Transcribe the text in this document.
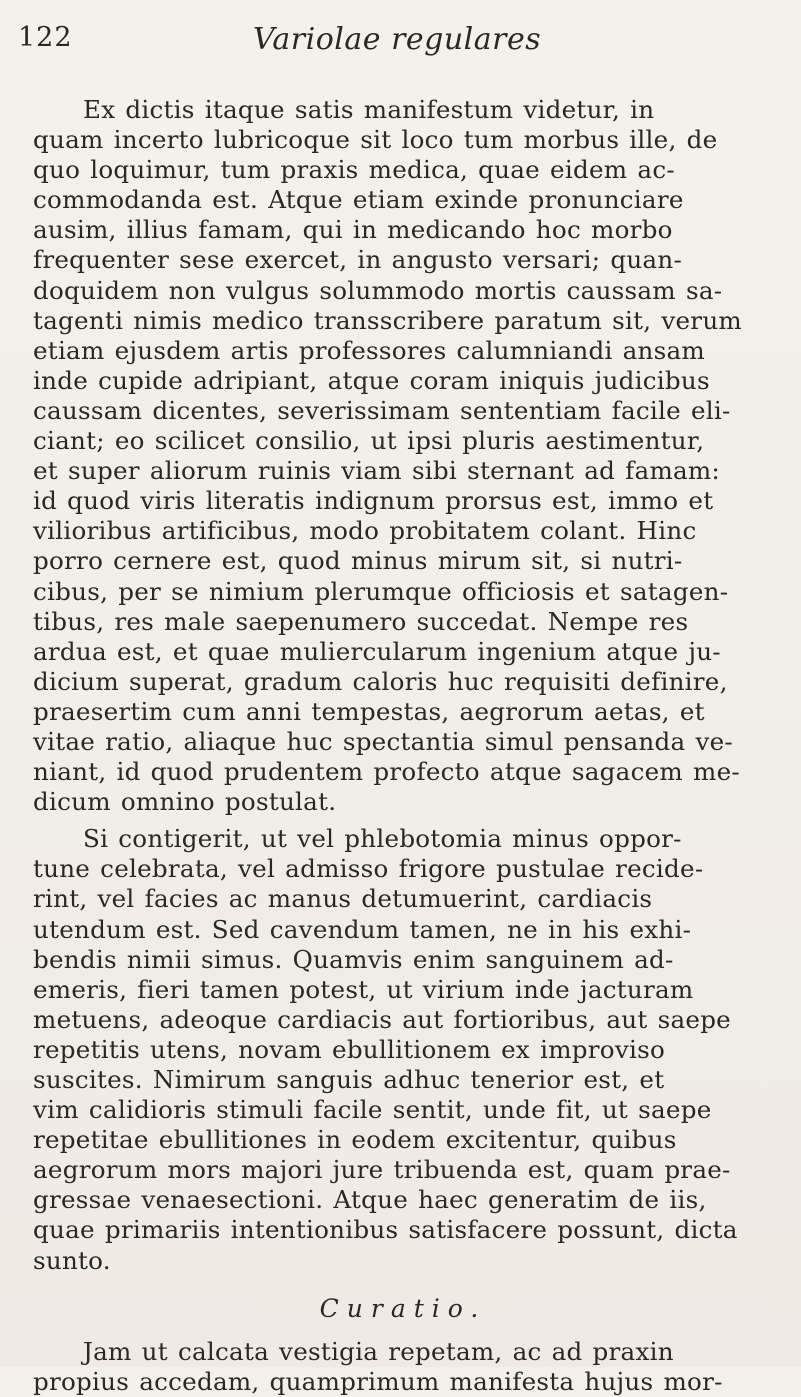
122	Variolae regulares
Ex dictis itaque satis manifestum videtur, in
quam incerto lubricoque sit loco tum morbus ille, de
quo loquimur, tum praxis medica, quae eidem ac-
commodanda est. Atque etiam exinde pronunciare
ausim, illius famam, qui in medicando hoc morbo
frequenter sese exercet, in angusto versari; quan-
doquidem non vulgus solummodo mortis caussam sa-
tagenti nimis medico transscribere paratum sit, verum
etiam ejusdem artis professores calumniandi ansam
inde cupide adripiant, atque coram iniquis judicibus
caussam dicentes, severissimam sententiam facile eli-
ciant; eo scilicet consilio, ut ipsi pluris aestimentur,
et super aliorum ruinis viam sibi sternant ad famam:
id quod viris literatis indignum prorsus est, immo et
vilioribus artificibus, modo probitatem colant. Hinc
porro cernere est, quod minus mirum sit, si nutri-
cibus, per se nimium plerumque officiosis et satagen-
tibus, res male saepenumero succedat. Nempe res
ardua est, et quae muliercularum ingenium atque ju-
dicium superat, gradum caloris huc requisiti definire,
praesertim cum anni tempestas, aegrorum aetas, et
vitae ratio, aliaque huc spectantia simul pensanda ve-
niant, id quod prudentem profecto atque sagacem me-
dicum omnino postulat.
Si contigerit, ut vel phlebotomia minus oppor-
tune celebrata, vel admisso frigore pustulae recide-
rint, vel facies ac manus detumuerint, cardiacis
utendum est. Sed cavendum tamen, ne in his exhi-
bendis nimii simus. Quamvis enim sanguinem ad-
emeris, fieri tamen potest, ut virium inde jacturam
metuens, adeoque cardiacis aut fortioribus, aut saepe
repetitis utens, novam ebullitionem ex improviso
suscites. Nimirum sanguis adhuc tenerior est, et
vim calidioris stimuli facile sentit, unde fit, ut saepe
repetitae ebullitiones in eodem excitentur, quibus
aegrorum mors majori jure tribuenda est, quam prae-
gressae venaesectioni. Atque haec generatim de iis,
quae primariis intentionibus satisfacere possunt, dicta
sunto.
Curatio.
Jam ut calcata vestigia repetam, ac ad praxin
propius accedam, quamprimum manifesta hujus mor-
